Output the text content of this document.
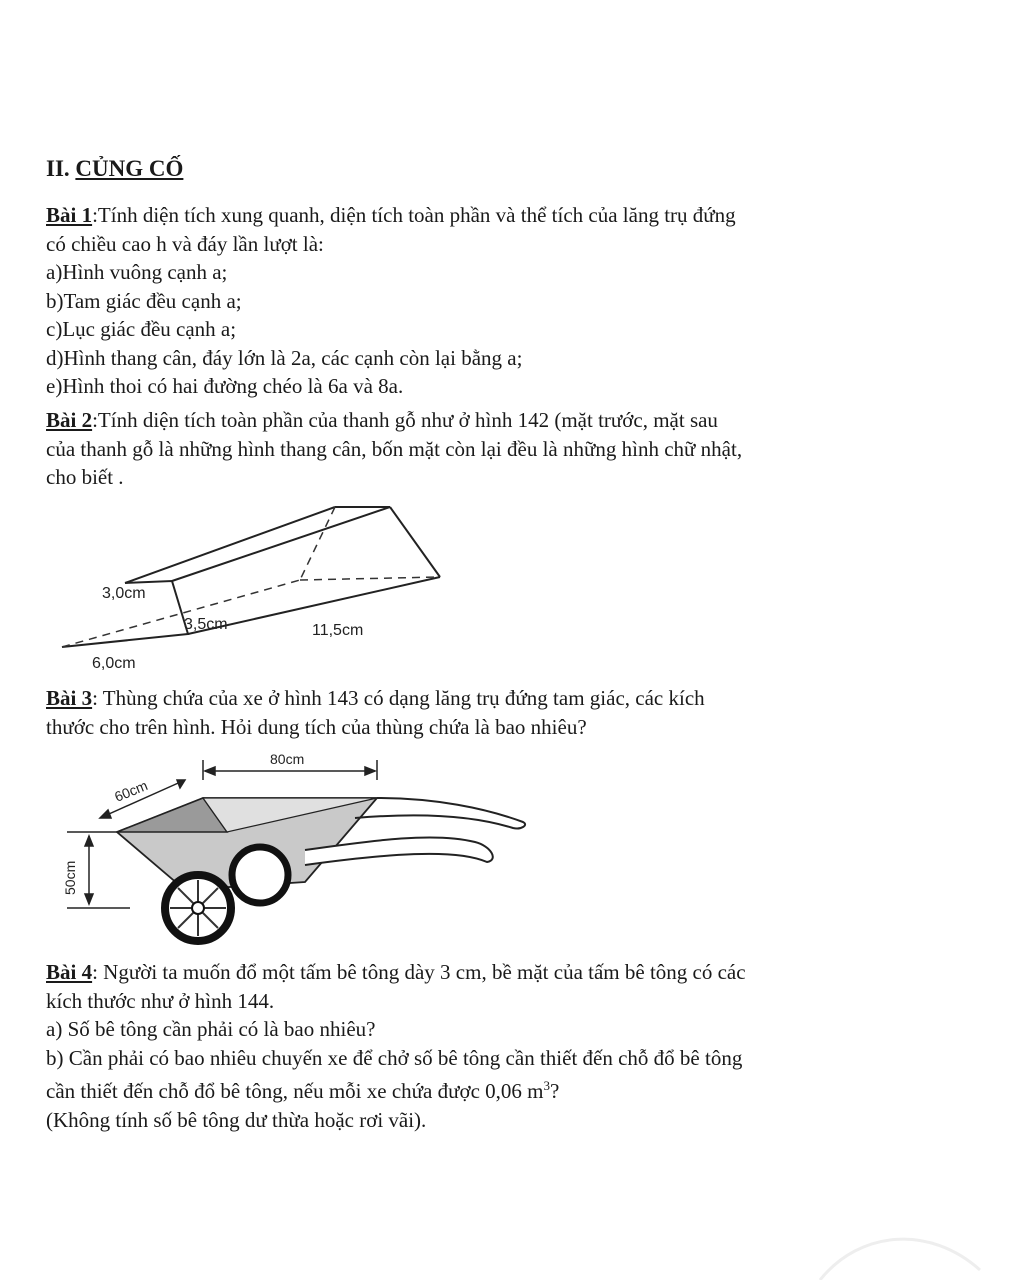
II. CỦNG CỐ

Bài 1:Tính diện tích xung quanh, diện tích toàn phần và thể tích của lăng trụ đứng

có chiều cao h và đáy lần lượt là:

a)Hình vuông cạnh a;

b)Tam giác đều cạnh a;

c)Lục giác đều cạnh a;

d)Hình thang cân, đáy lớn là 2a, các cạnh còn lại bằng a;

e)Hình thoi có hai đường chéo là 6a và 8a.

Bài 2:Tính diện tích toàn phần của thanh gỗ như ở hình 142 (mặt trước, mặt sau

của thanh gỗ là những hình thang cân, bốn mặt còn lại đều là những hình chữ nhật,

cho biết .

3,0cm
3,5cm	11,5cm
6,0cm

Bài 3: Thùng chứa của xe ở hình 143 có dạng lăng trụ đứng tam giác, các kích

thước cho trên hình. Hỏi dung tích của thùng chứa là bao nhiêu?

80cm
60cm
50cm

Bài 4: Người ta muốn đổ một tấm bê tông dày 3 cm, bề mặt của tấm bê tông có các

kích thước như ở hình 144.

a) Số bê tông cần phải có là bao nhiêu?

b) Cần phải có bao nhiêu chuyến xe để chở số bê tông cần thiết đến chỗ đổ bê tông

cần thiết đến chỗ đổ bê tông, nếu mỗi xe chứa được 0,06 $m^3$?

(Không tính số bê tông dư thừa hoặc rơi vãi).
